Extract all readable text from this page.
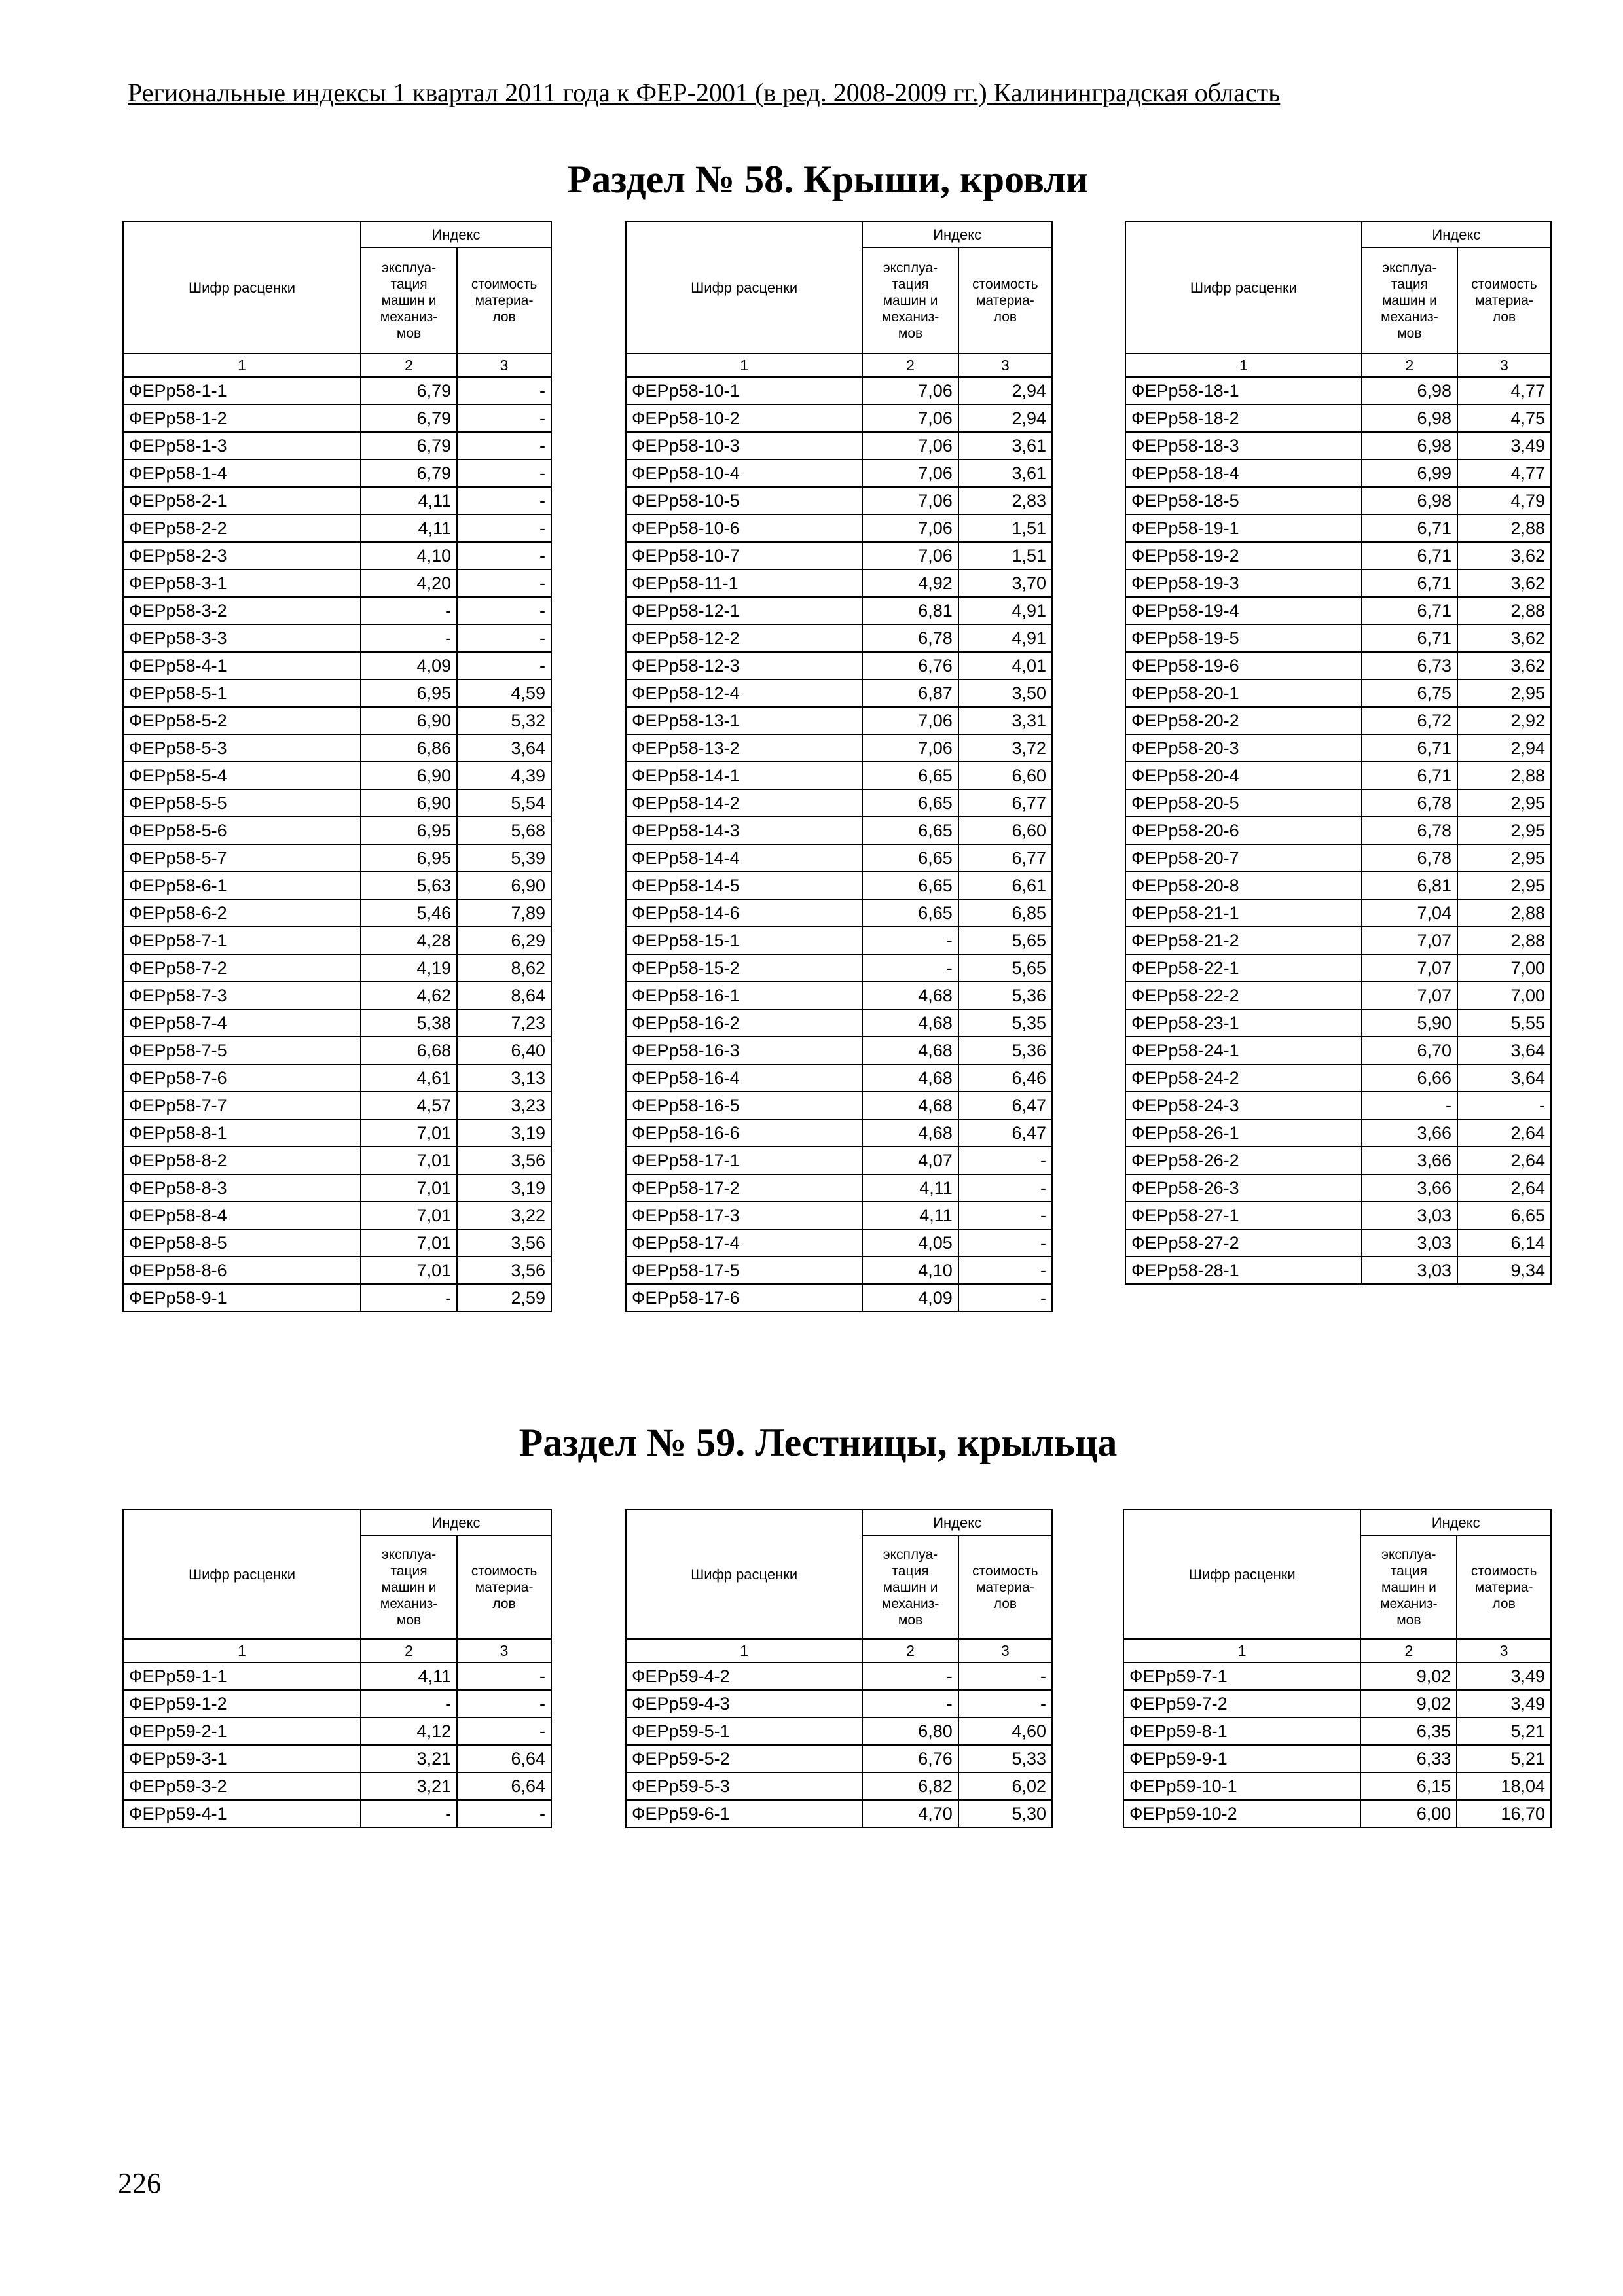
Региональные индексы 1 квартал 2011 года к ФЕР-2001 (в ред. 2008-2009 гг.) Калининградская область
Раздел № 58. Крыши, кровли
Раздел № 59. Лестницы, крыльца
Шифр расценки	Индекс	
	эксплуа-
тация
машин и
механиз-
мов	стоимость
материа-
лов
1	2	3
ФЕРр58-1-1	6,79	-
ФЕРр58-1-2	6,79	-
ФЕРр58-1-3	6,79	-
ФЕРр58-1-4	6,79	-
ФЕРр58-2-1	4,11	-
ФЕРр58-2-2	4,11	-
ФЕРр58-2-3	4,10	-
ФЕРр58-3-1	4,20	-
ФЕРр58-3-2	-	-
ФЕРр58-3-3	-	-
ФЕРр58-4-1	4,09	-
ФЕРр58-5-1	6,95	4,59
ФЕРр58-5-2	6,90	5,32
ФЕРр58-5-3	6,86	3,64
ФЕРр58-5-4	6,90	4,39
ФЕРр58-5-5	6,90	5,54
ФЕРр58-5-6	6,95	5,68
ФЕРр58-5-7	6,95	5,39
ФЕРр58-6-1	5,63	6,90
ФЕРр58-6-2	5,46	7,89
ФЕРр58-7-1	4,28	6,29
ФЕРр58-7-2	4,19	8,62
ФЕРр58-7-3	4,62	8,64
ФЕРр58-7-4	5,38	7,23
ФЕРр58-7-5	6,68	6,40
ФЕРр58-7-6	4,61	3,13
ФЕРр58-7-7	4,57	3,23
ФЕРр58-8-1	7,01	3,19
ФЕРр58-8-2	7,01	3,56
ФЕРр58-8-3	7,01	3,19
ФЕРр58-8-4	7,01	3,22
ФЕРр58-8-5	7,01	3,56
ФЕРр58-8-6	7,01	3,56
ФЕРр58-9-1	-	2,59
Шифр расценки	Индекс	
	эксплуа-
тация
машин и
механиз-
мов	стоимость
материа-
лов
1	2	3
ФЕРр58-10-1	7,06	2,94
ФЕРр58-10-2	7,06	2,94
ФЕРр58-10-3	7,06	3,61
ФЕРр58-10-4	7,06	3,61
ФЕРр58-10-5	7,06	2,83
ФЕРр58-10-6	7,06	1,51
ФЕРр58-10-7	7,06	1,51
ФЕРр58-11-1	4,92	3,70
ФЕРр58-12-1	6,81	4,91
ФЕРр58-12-2	6,78	4,91
ФЕРр58-12-3	6,76	4,01
ФЕРр58-12-4	6,87	3,50
ФЕРр58-13-1	7,06	3,31
ФЕРр58-13-2	7,06	3,72
ФЕРр58-14-1	6,65	6,60
ФЕРр58-14-2	6,65	6,77
ФЕРр58-14-3	6,65	6,60
ФЕРр58-14-4	6,65	6,77
ФЕРр58-14-5	6,65	6,61
ФЕРр58-14-6	6,65	6,85
ФЕРр58-15-1	-	5,65
ФЕРр58-15-2	-	5,65
ФЕРр58-16-1	4,68	5,36
ФЕРр58-16-2	4,68	5,35
ФЕРр58-16-3	4,68	5,36
ФЕРр58-16-4	4,68	6,46
ФЕРр58-16-5	4,68	6,47
ФЕРр58-16-6	4,68	6,47
ФЕРр58-17-1	4,07	-
ФЕРр58-17-2	4,11	-
ФЕРр58-17-3	4,11	-
ФЕРр58-17-4	4,05	-
ФЕРр58-17-5	4,10	-
ФЕРр58-17-6	4,09	-
Шифр расценки	Индекс	
	эксплуа-
тация
машин и
механиз-
мов	стоимость
материа-
лов
1	2	3
ФЕРр58-18-1	6,98	4,77
ФЕРр58-18-2	6,98	4,75
ФЕРр58-18-3	6,98	3,49
ФЕРр58-18-4	6,99	4,77
ФЕРр58-18-5	6,98	4,79
ФЕРр58-19-1	6,71	2,88
ФЕРр58-19-2	6,71	3,62
ФЕРр58-19-3	6,71	3,62
ФЕРр58-19-4	6,71	2,88
ФЕРр58-19-5	6,71	3,62
ФЕРр58-19-6	6,73	3,62
ФЕРр58-20-1	6,75	2,95
ФЕРр58-20-2	6,72	2,92
ФЕРр58-20-3	6,71	2,94
ФЕРр58-20-4	6,71	2,88
ФЕРр58-20-5	6,78	2,95
ФЕРр58-20-6	6,78	2,95
ФЕРр58-20-7	6,78	2,95
ФЕРр58-20-8	6,81	2,95
ФЕРр58-21-1	7,04	2,88
ФЕРр58-21-2	7,07	2,88
ФЕРр58-22-1	7,07	7,00
ФЕРр58-22-2	7,07	7,00
ФЕРр58-23-1	5,90	5,55
ФЕРр58-24-1	6,70	3,64
ФЕРр58-24-2	6,66	3,64
ФЕРр58-24-3	-	-
ФЕРр58-26-1	3,66	2,64
ФЕРр58-26-2	3,66	2,64
ФЕРр58-26-3	3,66	2,64
ФЕРр58-27-1	3,03	6,65
ФЕРр58-27-2	3,03	6,14
ФЕРр58-28-1	3,03	9,34
Шифр расценки	Индекс	
	эксплуа-
тация
машин и
механиз-
мов	стоимость
материа-
лов
1	2	3
ФЕРр59-1-1	4,11	-
ФЕРр59-1-2	-	-
ФЕРр59-2-1	4,12	-
ФЕРр59-3-1	3,21	6,64
ФЕРр59-3-2	3,21	6,64
ФЕРр59-4-1	-	-
Шифр расценки	Индекс	
	эксплуа-
тация
машин и
механиз-
мов	стоимость
материа-
лов
1	2	3
ФЕРр59-4-2	-	-
ФЕРр59-4-3	-	-
ФЕРр59-5-1	6,80	4,60
ФЕРр59-5-2	6,76	5,33
ФЕРр59-5-3	6,82	6,02
ФЕРр59-6-1	4,70	5,30
Шифр расценки	Индекс	
	эксплуа-
тация
машин и
механиз-
мов	стоимость
материа-
лов
1	2	3
ФЕРр59-7-1	9,02	3,49
ФЕРр59-7-2	9,02	3,49
ФЕРр59-8-1	6,35	5,21
ФЕРр59-9-1	6,33	5,21
ФЕРр59-10-1	6,15	18,04
ФЕРр59-10-2	6,00	16,70
226
